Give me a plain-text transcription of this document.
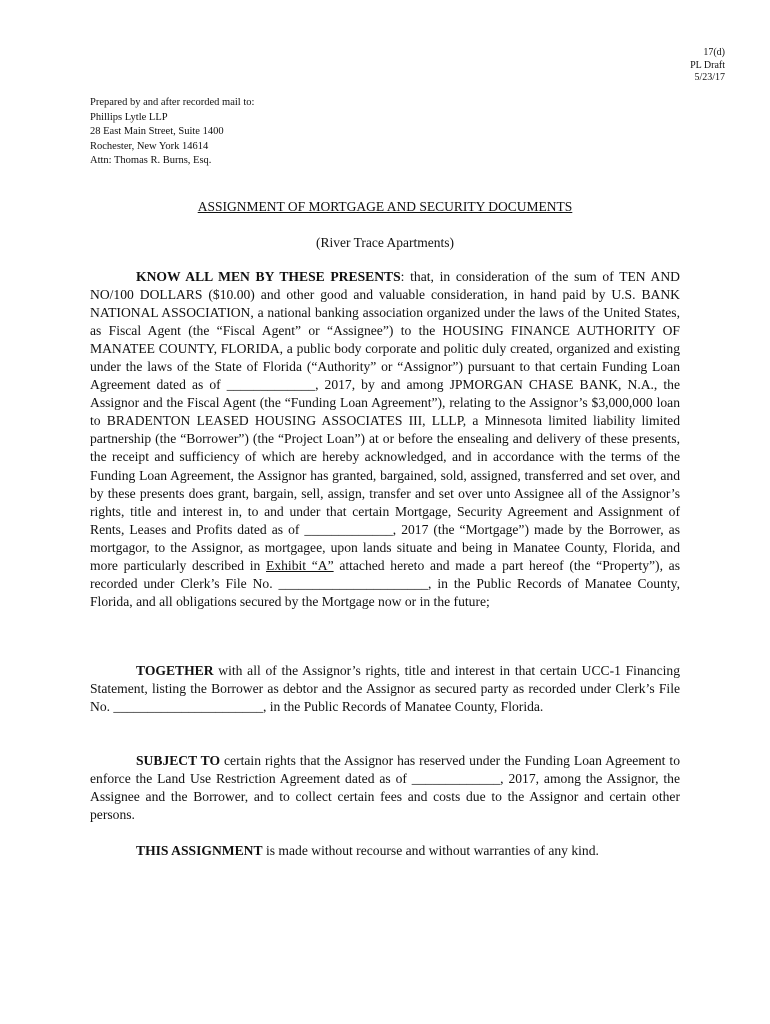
17(d)
PL Draft
5/23/17
Prepared by and after recorded mail to:
Phillips Lytle LLP
28 East Main Street, Suite 1400
Rochester, New York 14614
Attn: Thomas R. Burns, Esq.
ASSIGNMENT OF MORTGAGE AND SECURITY DOCUMENTS
(River Trace Apartments)

KNOW ALL MEN BY THESE PRESENTS: that, in consideration of the sum of TEN AND NO/100 DOLLARS ($10.00) and other good and valuable consideration, in hand paid by U.S. BANK NATIONAL ASSOCIATION, a national banking association organized under the laws of the United States, as Fiscal Agent (the “Fiscal Agent” or “Assignee”) to the HOUSING FINANCE AUTHORITY OF MANATEE COUNTY, FLORIDA, a public body corporate and politic duly created, organized and existing under the laws of the State of Florida (“Authority” or “Assignor”) pursuant to that certain Funding Loan Agreement dated as of _____________, 2017, by and among JPMORGAN CHASE BANK, N.A., the Assignor and the Fiscal Agent (the “Funding Loan Agreement”), relating to the Assignor’s $3,000,000 loan to BRADENTON LEASED HOUSING ASSOCIATES III, LLLP, a Minnesota limited liability limited partnership (the “Borrower”) (the “Project Loan”) at or before the ensealing and delivery of these presents, the receipt and sufficiency of which are hereby acknowledged, and in accordance with the terms of the Funding Loan Agreement, the Assignor has granted, bargained, sold, assigned, transferred and set over, and by these presents does grant, bargain, sell, assign, transfer and set over unto Assignee all of the Assignor’s rights, title and interest in, to and under that certain Mortgage, Security Agreement and Assignment of Rents, Leases and Profits dated as of _____________, 2017 (the “Mortgage”) made by the Borrower, as mortgagor, to the Assignor, as mortgagee, upon lands situate and being in Manatee County, Florida, and more particularly described in Exhibit “A” attached hereto and made a part hereof (the “Property”), as recorded under Clerk’s File No. ______________________, in the Public Records of Manatee County, Florida, and all obligations secured by the Mortgage now or in the future;

TOGETHER with all of the Assignor’s rights, title and interest in that certain UCC-1 Financing Statement, listing the Borrower as debtor and the Assignor as secured party as recorded under Clerk’s File No. ______________________, in the Public Records of Manatee County, Florida.

SUBJECT TO certain rights that the Assignor has reserved under the Funding Loan Agreement to enforce the Land Use Restriction Agreement dated as of _____________, 2017, among the Assignor, the Assignee and the Borrower, and to collect certain fees and costs due to the Assignor and certain other persons.

THIS ASSIGNMENT is made without recourse and without warranties of any kind.
